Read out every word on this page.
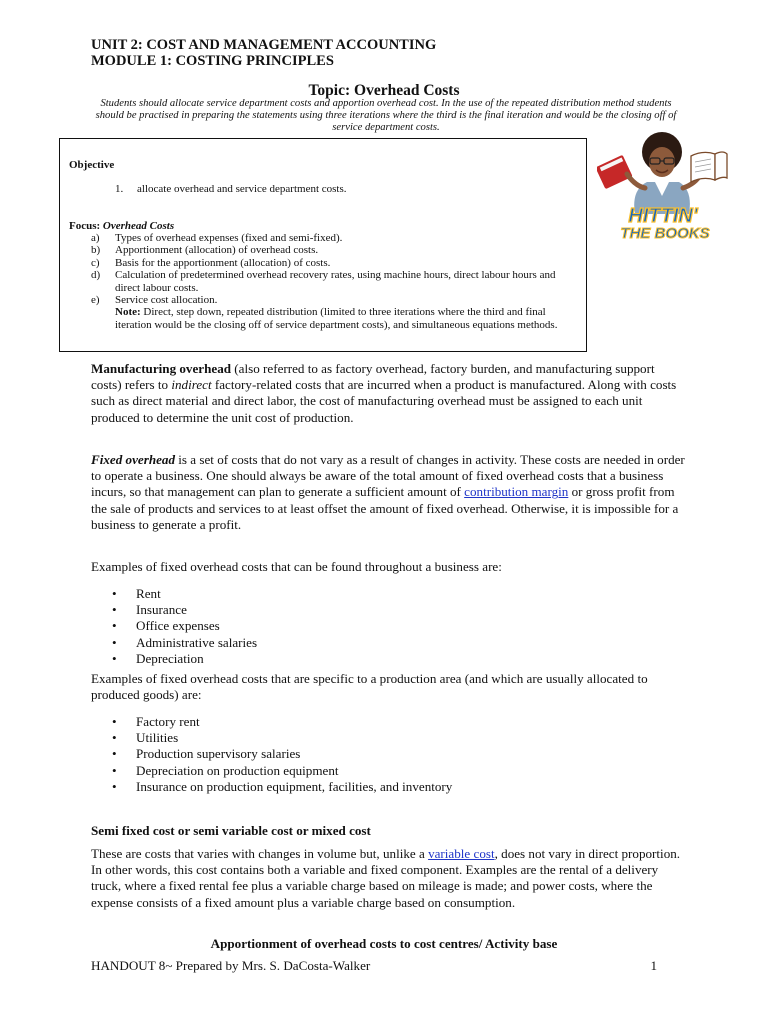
UNIT 2: COST AND MANAGEMENT ACCOUNTING
MODULE 1: COSTING PRINCIPLES
Topic: Overhead Costs
Students should allocate service department costs and apportion overhead cost. In the use of the repeated distribution method students should be practised in preparing the statements using three iterations where the third is the final iteration and would be the closing off of service department costs.
Objective
1. allocate overhead and service department costs.
Focus: Overhead Costs
a) Types of overhead expenses (fixed and semi-fixed).
b) Apportionment (allocation) of overhead costs.
c) Basis for the apportionment (allocation) of costs.
d) Calculation of predetermined overhead recovery rates, using machine hours, direct labour hours and direct labour costs.
e) Service cost allocation.
Note: Direct, step down, repeated distribution (limited to three iterations where the third and final iteration would be the closing off of service department costs), and simultaneous equations methods.
HITTIN'
THE BOOKS
Manufacturing overhead (also referred to as factory overhead, factory burden, and manufacturing support costs) refers to indirect factory-related costs that are incurred when a product is manufactured. Along with costs such as direct material and direct labor, the cost of manufacturing overhead must be assigned to each unit produced to determine the unit cost of production.
Fixed overhead is a set of costs that do not vary as a result of changes in activity. These costs are needed in order to operate a business. One should always be aware of the total amount of fixed overhead costs that a business incurs, so that management can plan to generate a sufficient amount of contribution margin or gross profit from the sale of products and services to at least offset the amount of fixed overhead. Otherwise, it is impossible for a business to generate a profit.
Examples of fixed overhead costs that can be found throughout a business are:
• Rent
• Insurance
• Office expenses
• Administrative salaries
• Depreciation
Examples of fixed overhead costs that are specific to a production area (and which are usually allocated to produced goods) are:
• Factory rent
• Utilities
• Production supervisory salaries
• Depreciation on production equipment
• Insurance on production equipment, facilities, and inventory
Semi fixed cost or semi variable cost or mixed cost
These are costs that varies with changes in volume but, unlike a variable cost, does not vary in direct proportion. In other words, this cost contains both a variable and fixed component. Examples are the rental of a delivery truck, where a fixed rental fee plus a variable charge based on mileage is made; and power costs, where the expense consists of a fixed amount plus a variable charge based on consumption.
Apportionment of overhead costs to cost centres/ Activity base
HANDOUT 8~ Prepared by Mrs. S. DaCosta-Walker	1
